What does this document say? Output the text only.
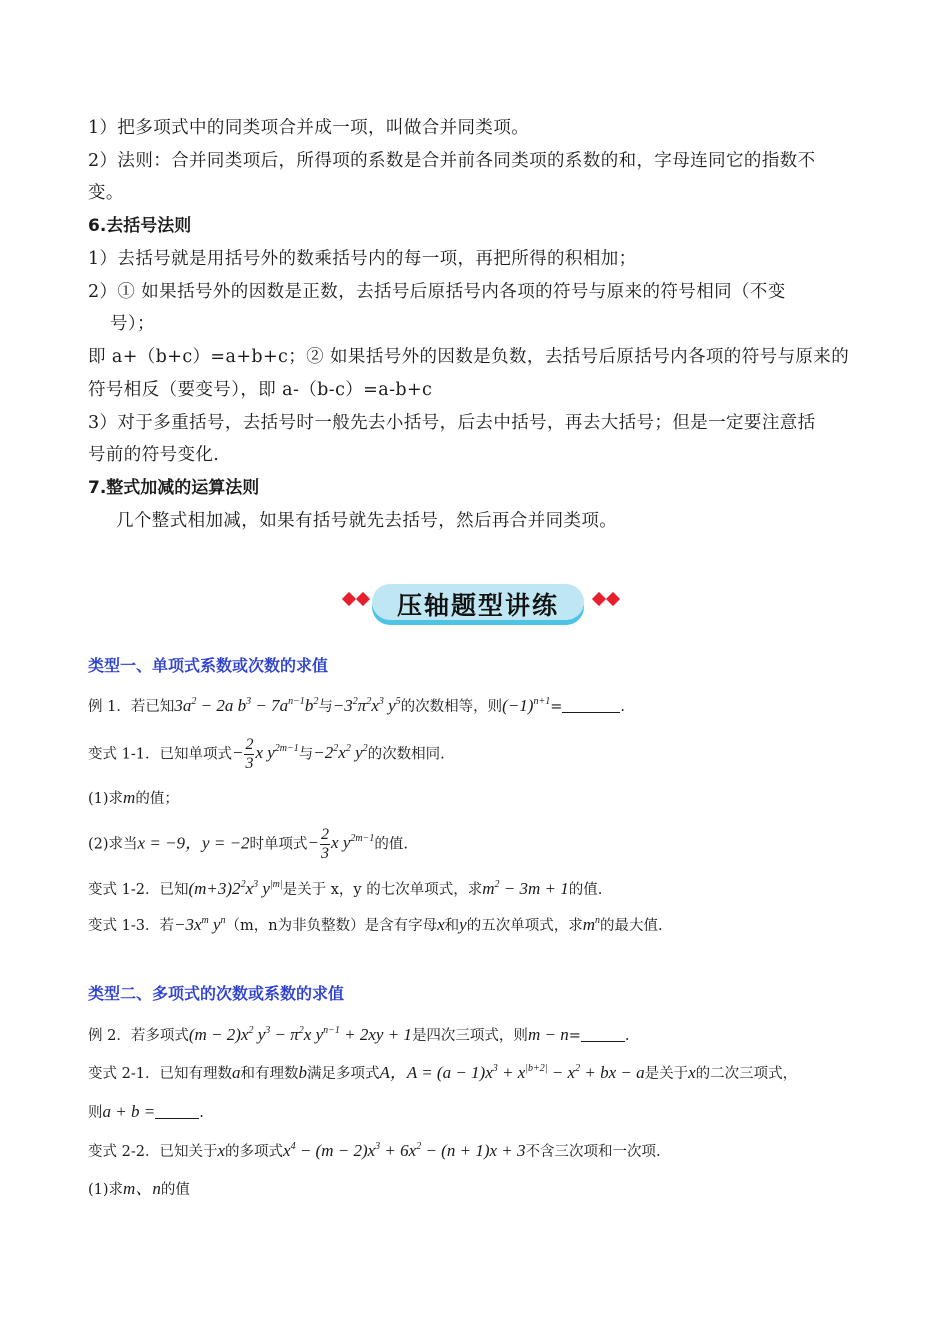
1）把多项式中的同类项合并成一项，叫做合并同类项。
2）法则：合并同类项后，所得项的系数是合并前各同类项的系数的和，字母连同它的指数不
变。
6.去括号法则
1）去括号就是用括号外的数乘括号内的每一项，再把所得的积相加；
2）① 如果括号外的因数是正数，去括号后原括号内各项的符号与原来的符号相同（不变
号）；
即 a+（b+c）=a+b+c；② 如果括号外的因数是负数，去括号后原括号内各项的符号与原来的
符号相反（要变号），即 a-（b-c）=a-b+c
3）对于多重括号，去括号时一般先去小括号，后去中括号，再去大括号；但是一定要注意括
号前的符号变化.
7.整式加减的运算法则
几个整式相加减，如果有括号就先去括号，然后再合并同类项。
压轴题型讲练
类型一、单项式系数或次数的求值
例 1．若已知$3a^2 - 2a$ $b^3 - 7a^{n-1}b^2$与$-3^2\pi^2x^3$ $y^5$的次数相等，则$(-1)^{n+1}=$	.
变式 1-1．已知单项式− $\frac{2}{3}$ x $y^{2m-1}$与$-2^2x^2$ $y^2$的次数相同.
(1)求m的值；
(2)求当x = −9，y = −2时单项式− $\frac{2}{3}$ x $y^{2m-1}$的值.
变式 1-2．已知$(m+3)2^2x^3$ $y^{|m|}$是关于 x，y 的七次单项式，求$m^2 - 3m + 1$的值.
变式 1-3．若$-3x^m$ $y^n(m$，n为非负整数）是含有字母x和y的五次单项式，求$m^n$的最大值.
类型二、多项式的次数或系数的求值
例 2．若多项式$(m - 2)x^2$ $y^3 - \pi^2x$ $y^{n-1} + 2xy + 1$是四次三项式，则m − n=	.
变式 2-1．已知有理数a和有理数b满足多项式A，$A = (a - 1)x^3 + x^{|b+2|} - x^2$ + bx − a是关于x的二次三项式，
则a + b =	.
变式 2-2．已知关于x的多项式$x^4 - (m - 2)x^3 + 6x^2 - (n + 1)x + 3$不含三次项和一次项.
(1)求m、n的值
